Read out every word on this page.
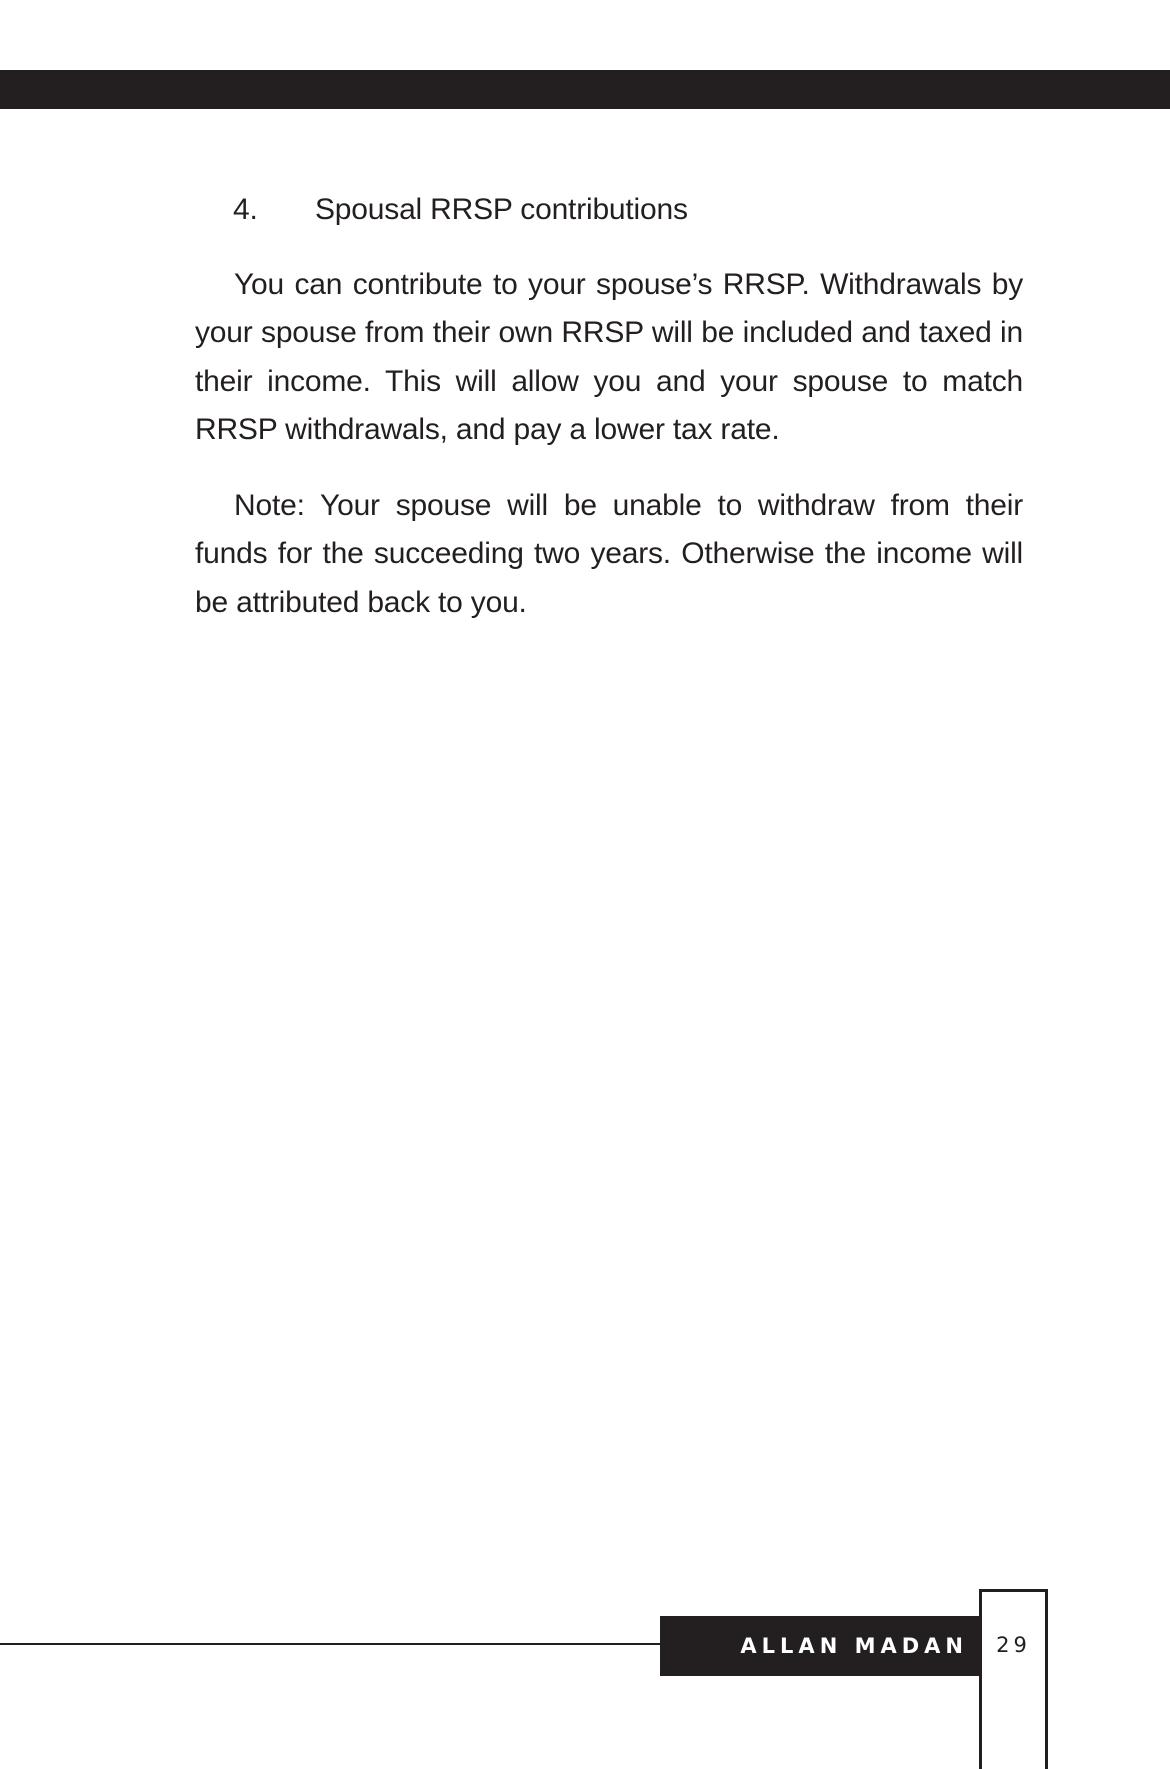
4.	Spousal RRSP contributions

You can contribute to your spouse’s RRSP. Withdrawals by your spouse from their own RRSP will be included and taxed in their income. This will allow you and your spouse to match RRSP withdrawals, and pay a lower tax rate.

Note: Your spouse will be unable to withdraw from their funds for the succeeding two years. Otherwise the income will be attributed back to you.

ALLAN MADAN	29
